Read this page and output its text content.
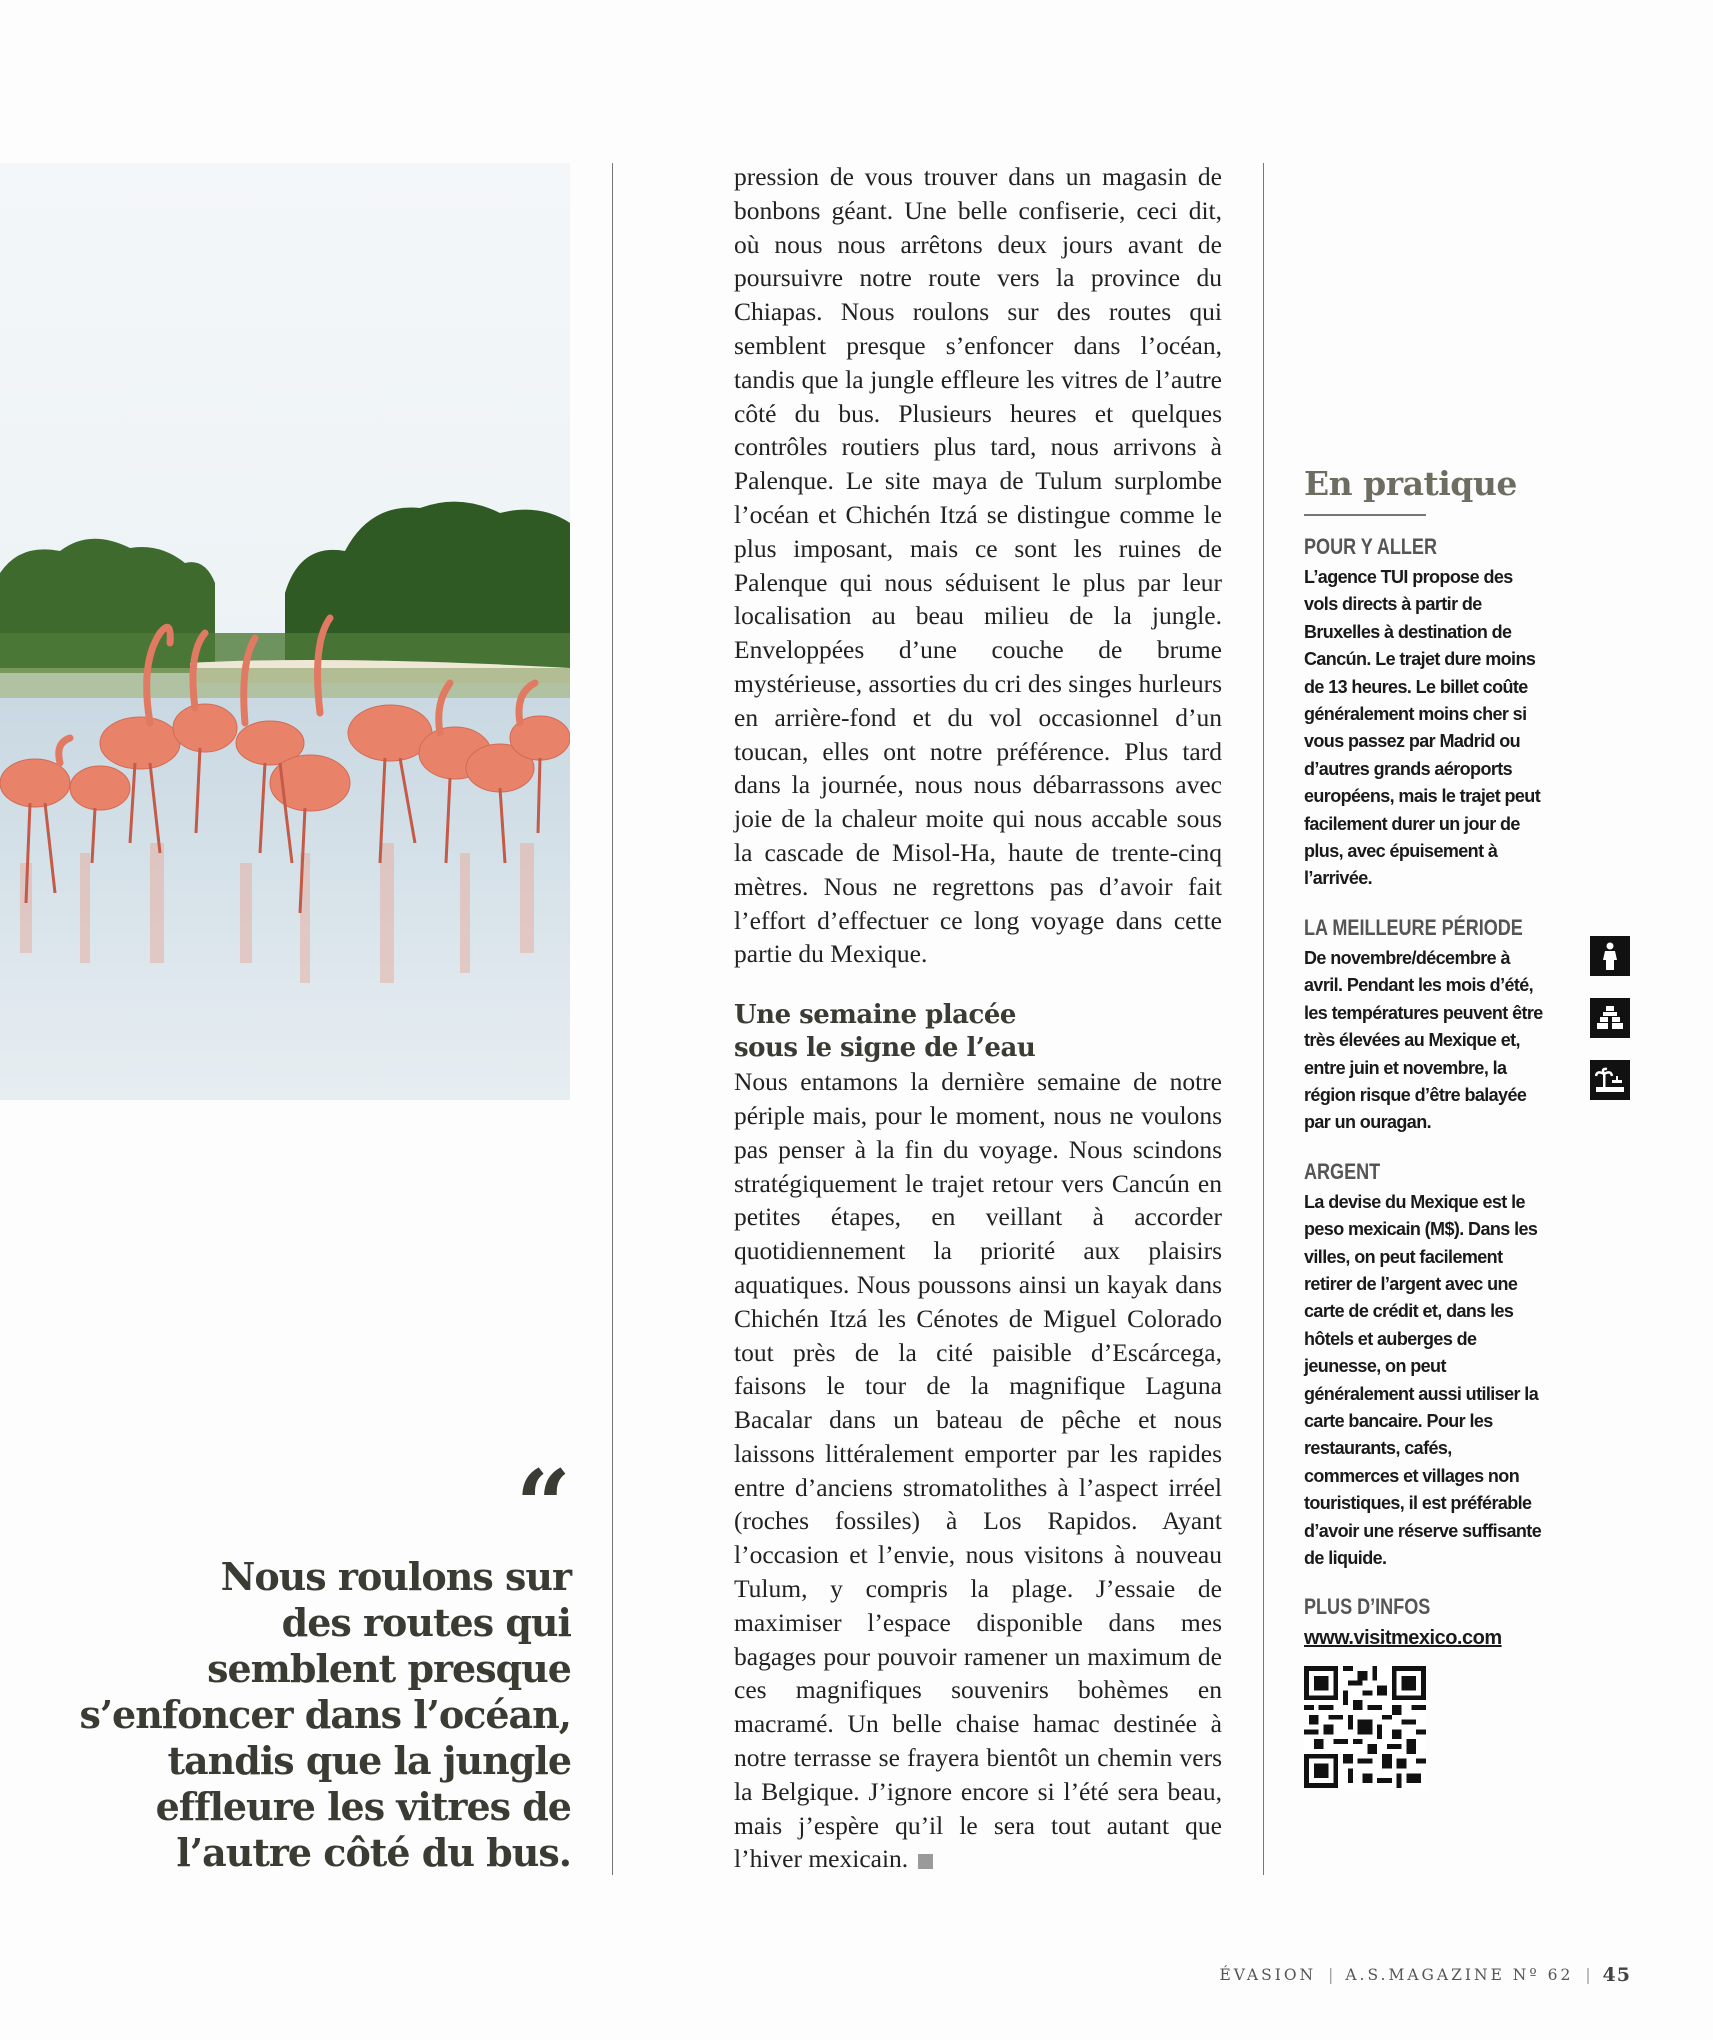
“
Nous roulons sur
des routes qui
semblent presque
s’enfoncer dans l’océan,
tandis que la jungle
effleure les vitres de
l’autre côté du bus.

pression de vous trouver dans un magasin de bonbons géant. Une belle confiserie, ceci dit, où nous nous arrêtons deux jours avant de poursuivre notre route vers la province du Chiapas. Nous roulons sur des routes qui semblent presque s’enfoncer dans l’océan, tandis que la jungle effleure les vitres de l’autre côté du bus. Plusieurs heures et quelques contrôles routiers plus tard, nous arrivons à Palenque. Le site maya de Tulum surplombe l’océan et Chichén Itzá se distingue comme le plus imposant, mais ce sont les ruines de Palenque qui nous séduisent le plus par leur localisation au beau milieu de la jungle. Enveloppées d’une couche de brume mystérieuse, assorties du cri des singes hurleurs en arrière-fond et du vol occasionnel d’un toucan, elles ont notre préférence. Plus tard dans la journée, nous nous débarrassons avec joie de la chaleur moite qui nous accable sous la cascade de Misol-Ha, haute de trente-cinq mètres. Nous ne regrettons pas d’avoir fait l’effort d’effectuer ce long voyage dans cette partie du Mexique.

Une semaine placée
sous le signe de l’eau

Nous entamons la dernière semaine de notre périple mais, pour le moment, nous ne voulons pas penser à la fin du voyage. Nous scindons stratégiquement le trajet retour vers Cancún en petites étapes, en veillant à accorder quotidiennement la priorité aux plaisirs aquatiques. Nous poussons ainsi un kayak dans Chichén Itzá les Cénotes de Miguel Colorado tout près de la cité paisible d’Escárcega, faisons le tour de la magnifique Laguna Bacalar dans un bateau de pêche et nous laissons littéralement emporter par les rapides entre d’anciens stromatolithes à l’aspect irréel (roches fossiles) à Los Rapidos. Ayant l’occasion et l’envie, nous visitons à nouveau Tulum, y compris la plage. J’essaie de maximiser l’espace disponible dans mes bagages pour pouvoir ramener un maximum de ces magnifiques souvenirs bohèmes en macramé. Un belle chaise hamac destinée à notre terrasse se frayera bientôt un chemin vers la Belgique. J’ignore encore si l’été sera beau, mais j’espère qu’il le sera tout autant que l’hiver mexicain.

En pratique
POUR Y ALLER
L’agence TUI propose des vols directs à partir de Bruxelles à destination de Cancún. Le trajet dure moins de 13 heures. Le billet coûte généralement moins cher si vous passez par Madrid ou d’autres grands aéroports européens, mais le trajet peut facilement durer un jour de plus, avec épuisement à l’arrivée.
LA MEILLEURE PÉRIODE
De novembre/décembre à avril. Pendant les mois d’été, les températures peuvent être très élevées au Mexique et, entre juin et novembre, la région risque d’être balayée par un ouragan.
ARGENT
La devise du Mexique est le peso mexicain (M$). Dans les villes, on peut facilement retirer de l’argent avec une carte de crédit et, dans les hôtels et auberges de jeunesse, on peut généralement aussi utiliser la carte bancaire. Pour les restaurants, cafés, commerces et villages non touristiques, il est préférable d’avoir une réserve suffisante de liquide.
PLUS D’INFOS
www.visitmexico.com
ÉVASION | A.S.MAGAZINE Nº 62 | 45
